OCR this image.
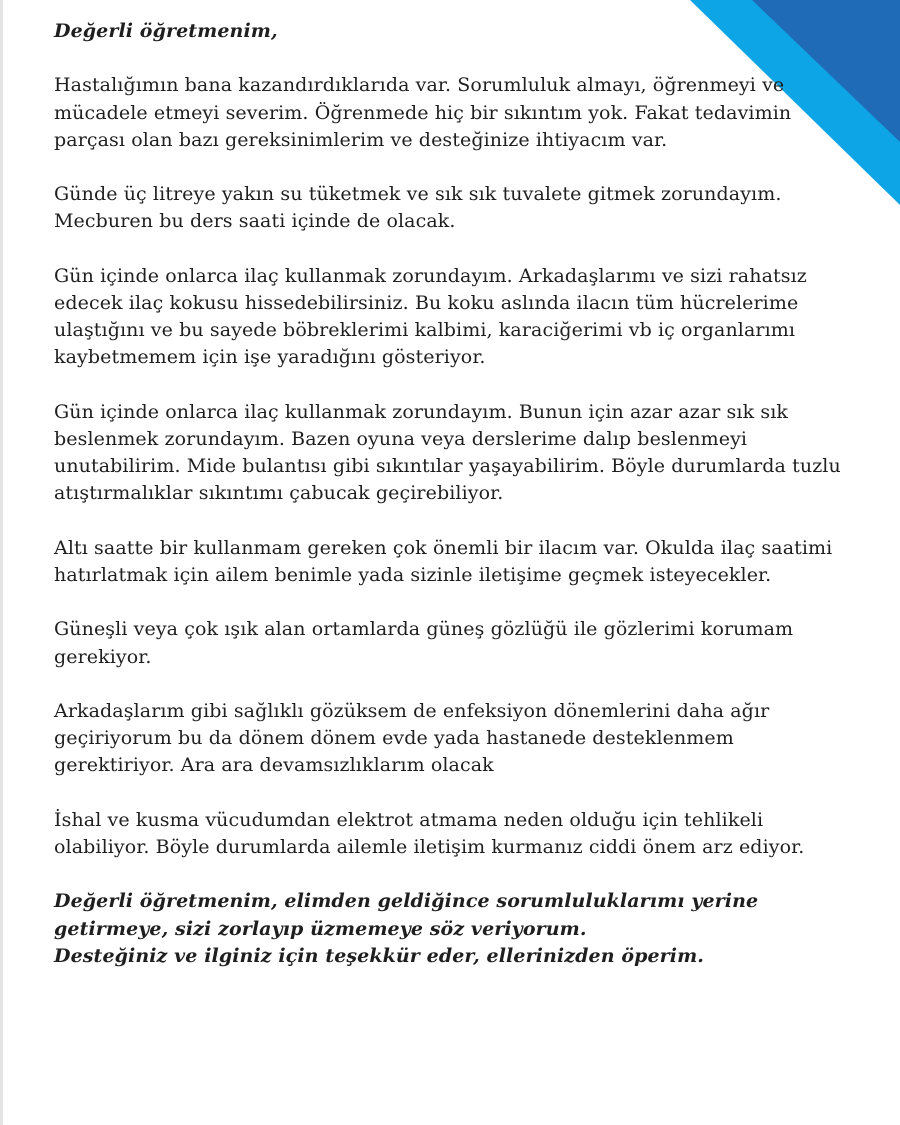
Değerli öğretmenim,

Hastalığımın bana kazandırdıklarıda var. Sorumluluk almayı, öğrenmeyi ve
mücadele etmeyi severim. Öğrenmede hiç bir sıkıntım yok. Fakat tedavimin
parçası olan bazı gereksinimlerim ve desteğinize ihtiyacım var.

Günde üç litreye yakın su tüketmek ve sık sık tuvalete gitmek zorundayım.
Mecburen bu ders saati içinde de olacak.

Gün içinde onlarca ilaç kullanmak zorundayım. Arkadaşlarımı ve sizi rahatsız
edecek ilaç kokusu hissedebilirsiniz. Bu koku aslında ilacın tüm hücrelerime
ulaştığını ve bu sayede böbreklerimi kalbimi, karaciğerimi vb iç organlarımı
kaybetmemem için işe yaradığını gösteriyor.

Gün içinde onlarca ilaç kullanmak zorundayım. Bunun için azar azar sık sık
beslenmek zorundayım. Bazen oyuna veya derslerime dalıp beslenmeyi
unutabilirim. Mide bulantısı gibi sıkıntılar yaşayabilirim. Böyle durumlarda tuzlu
atıştırmalıklar sıkıntımı çabucak geçirebiliyor.

Altı saatte bir kullanmam gereken çok önemli bir ilacım var. Okulda ilaç saatimi
hatırlatmak için ailem benimle yada sizinle iletişime geçmek isteyecekler.

Güneşli veya çok ışık alan ortamlarda güneş gözlüğü ile gözlerimi korumam
gerekiyor.

Arkadaşlarım gibi sağlıklı gözüksem de enfeksiyon dönemlerini daha ağır
geçiriyorum bu da dönem dönem evde yada hastanede desteklenmem
gerektiriyor. Ara ara devamsızlıklarım olacak

İshal ve kusma vücudumdan elektrot atmama neden olduğu için tehlikeli
olabiliyor. Böyle durumlarda ailemle iletişim kurmanız ciddi önem arz ediyor.

Değerli öğretmenim, elimden geldiğince sorumluluklarımı yerine
getirmeye, sizi zorlayıp üzmemeye söz veriyorum.
Desteğiniz ve ilginiz için teşekkür eder, ellerinizden öperim.
